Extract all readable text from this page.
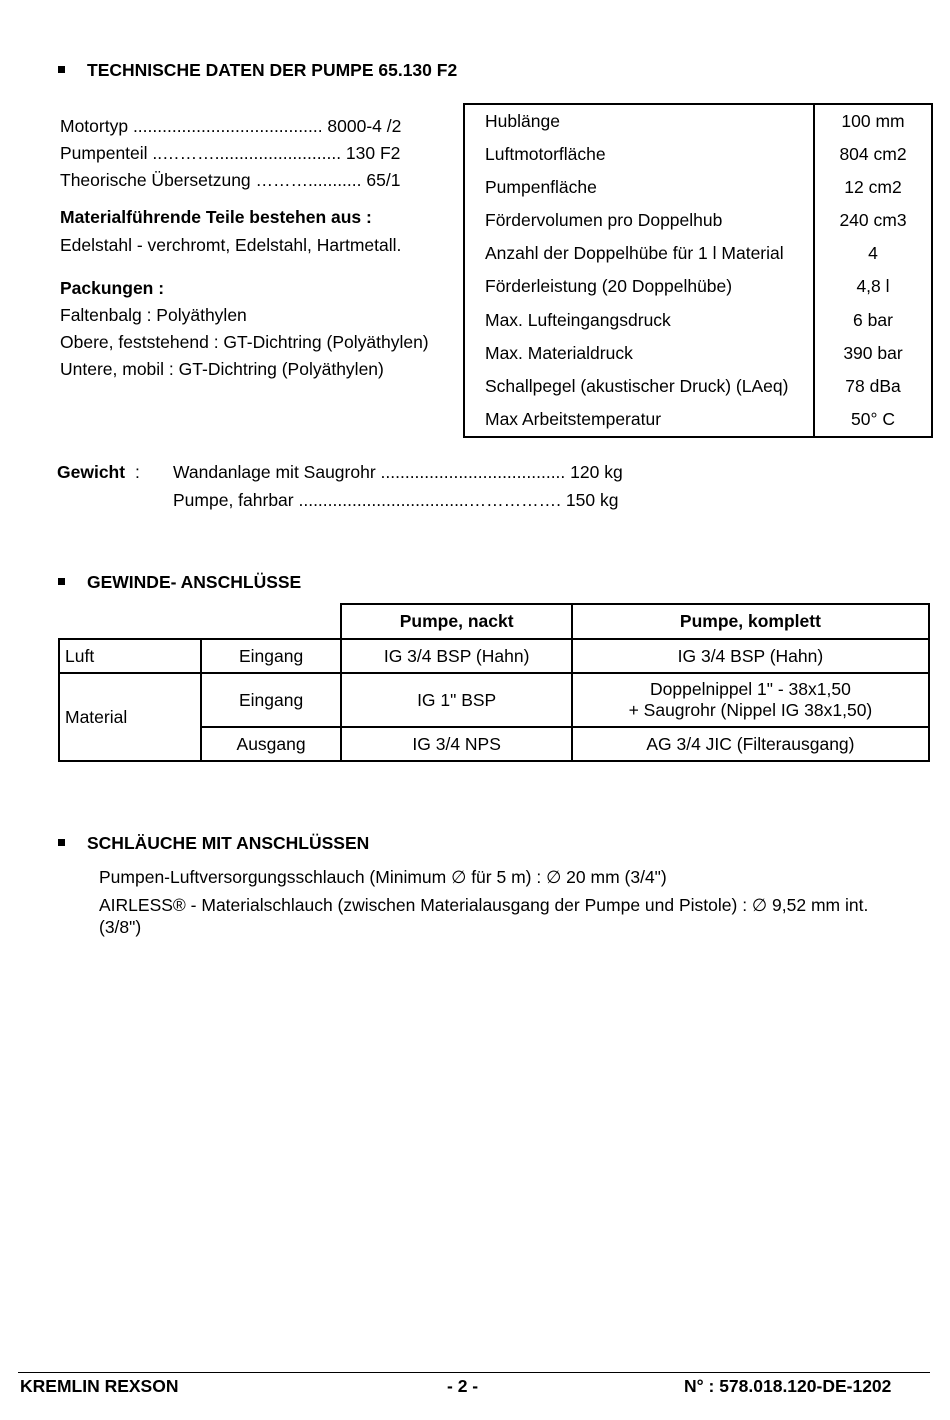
TECHNISCHE DATEN DER PUMPE 65.130 F2
Motortyp ....................................... 8000-4 /2
Pumpenteil ..……….......................... 130 F2
Theorische Übersetzung ………........... 65/1
Materialführende Teile bestehen aus :
Edelstahl - verchromt, Edelstahl, Hartmetall.
Packungen :
Faltenbalg : Polyäthylen
Obere, feststehend : GT-Dichtring (Polyäthylen)
Untere, mobil : GT-Dichtring (Polyäthylen)
Hublänge	100 mm
Luftmotorfläche	804 cm2
Pumpenfläche	12 cm2
Fördervolumen pro Doppelhub	240 cm3
Anzahl der Doppelhübe für 1 l Material	4
Förderleistung (20 Doppelhübe)	4,8 l
Max. Lufteingangsdruck	6 bar
Max. Materialdruck	390 bar
Schallpegel (akustischer Druck) (LAeq)	78 dBa
Max Arbeitstemperatur	50° C
Gewicht : Wandanlage mit Saugrohr ...................................... 120 kg
Pumpe, fahrbar ...................................……………. 150 kg
GEWINDE- ANSCHLÜSSE
		Pumpe, nackt	Pumpe, komplett
Luft	Eingang	IG 3/4 BSP (Hahn)	IG 3/4 BSP (Hahn)
Material	Eingang	IG 1" BSP	Doppelnippel 1" - 38x1,50
+ Saugrohr (Nippel IG 38x1,50)

	Ausgang	IG 3/4 NPS	AG 3/4 JIC (Filterausgang)
SCHLÄUCHE MIT ANSCHLÜSSEN
Pumpen-Luftversorgungsschlauch (Minimum ∅ für 5 m) : ∅ 20 mm (3/4")
AIRLESS® - Materialschlauch (zwischen Materialausgang der Pumpe und Pistole) : ∅ 9,52 mm int.
(3/8")
KREMLIN REXSON	- 2 -	N° : 578.018.120-DE-1202
